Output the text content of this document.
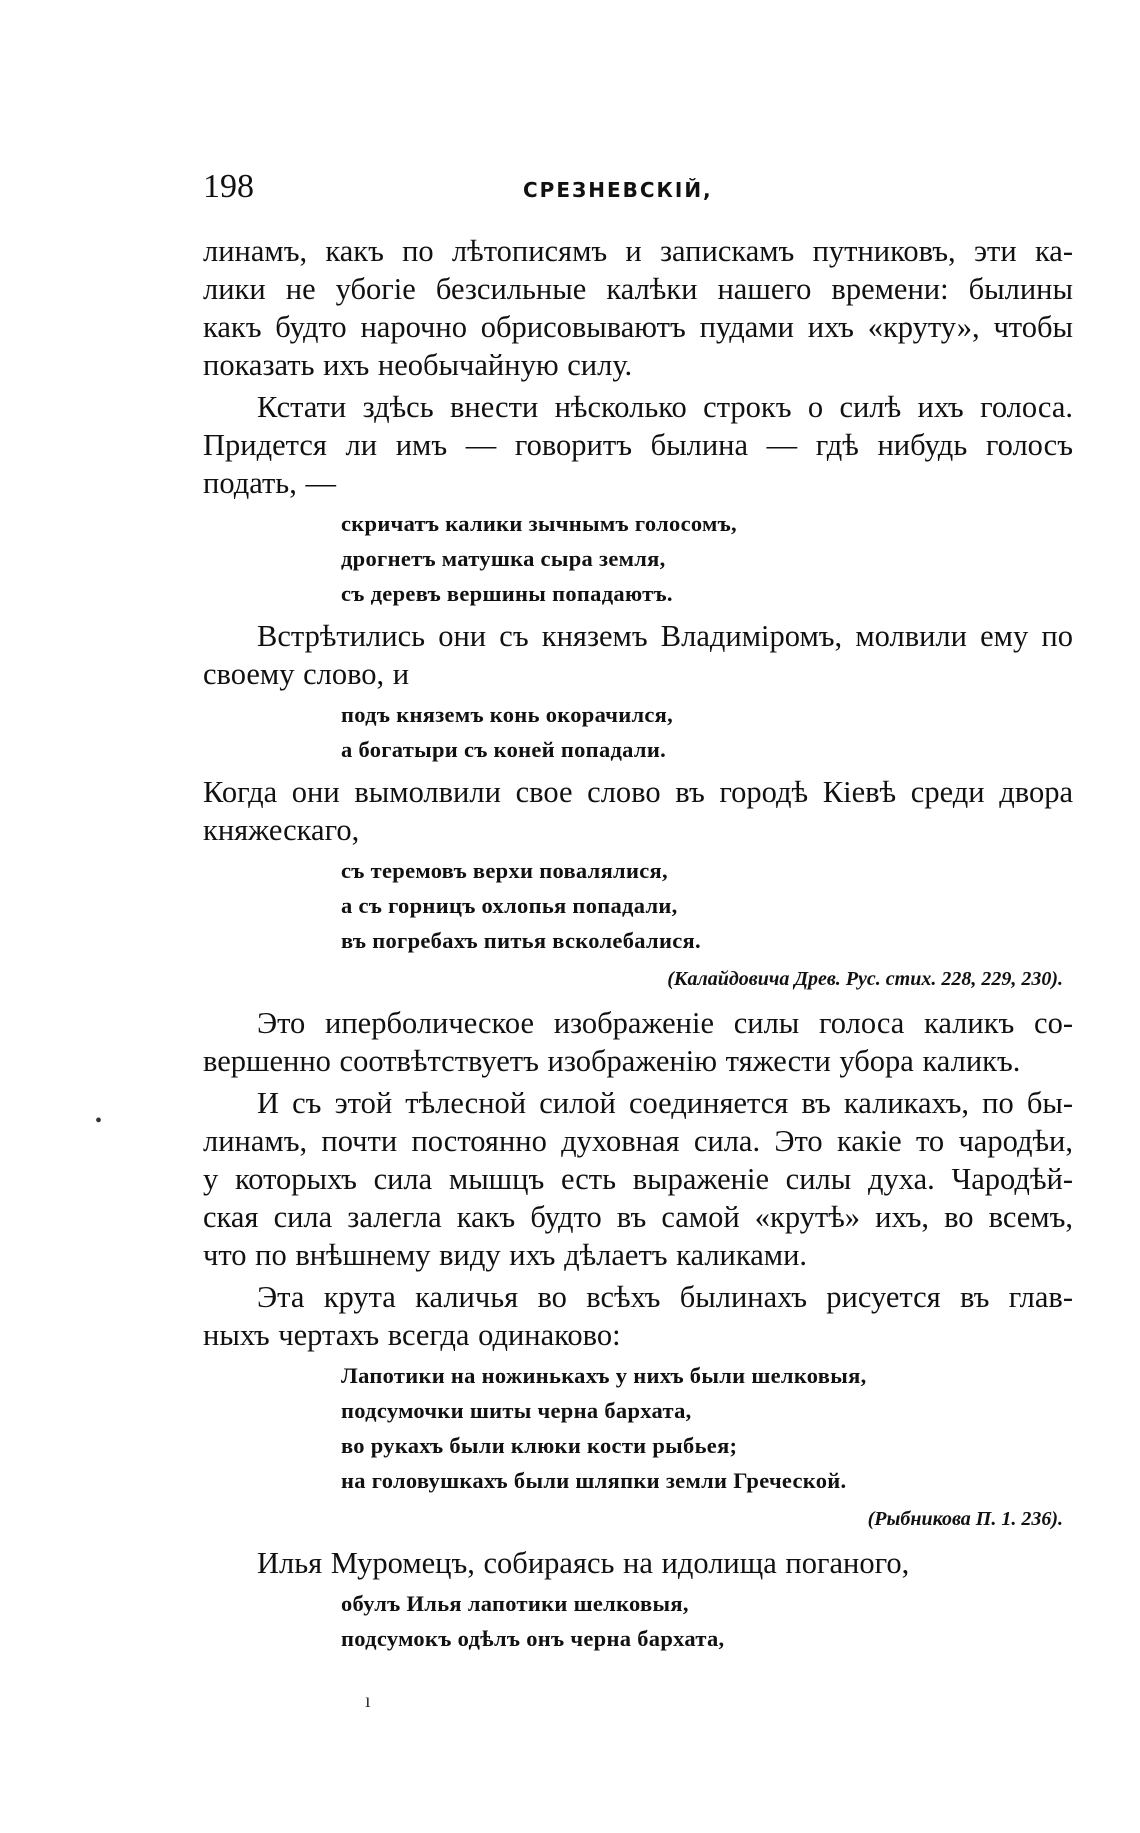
198	СРЕЗНЕВСКІЙ,

линамъ, какъ по лѣтописямъ и запискамъ путниковъ, эти ка-
лики не убогіе безсильные калѣки нашего времени: былины
какъ будто нарочно обрисовываютъ пудами ихъ «круту», чтобы
показать ихъ необычайную силу.

Кстати здѣсь внести нѣсколько строкъ о силѣ ихъ голоса.
Придется ли имъ — говоритъ былина — гдѣ нибудь голосъ
подать, —

скричатъ калики зычнымъ голосомъ,
дрогнетъ матушка сыра земля,
съ деревъ вершины попадаютъ.

Встрѣтились они съ княземъ Владиміромъ, молвили ему по
своему слово, и

подъ княземъ конь окорачился,
а богатыри съ коней попадали.

Когда они вымолвили свое слово въ городѣ Кіевѣ среди двора
княжескаго,

съ теремовъ верхи повалялися,
а съ горницъ охлопья попадали,
въ погребахъ питья всколебалися.
(Калайдовича Древ. Рус. стих. 228, 229, 230).

Это иперболическое изображеніе силы голоса каликъ со-
вершенно соотвѣтствуетъ изображенію тяжести убора каликъ.

И съ этой тѣлесной силой соединяется въ каликахъ, по бы-
линамъ, почти постоянно духовная сила. Это какіе то чародѣи,
у которыхъ сила мышцъ есть выраженіе силы духа. Чародѣй-
ская сила залегла какъ будто въ самой «крутѣ» ихъ, во всемъ,
что по внѣшнему виду ихъ дѣлаетъ каликами.

Эта крута каличья во всѣхъ былинахъ рисуется въ глав-
ныхъ чертахъ всегда одинаково:

Лапотики на ножинькахъ у нихъ были шелковыя,
подсумочки шиты черна бархата,
во рукахъ были клюки кости рыбьея;
на головушкахъ были шляпки земли Греческой.
(Рыбникова П. 1. 236).

Илья Муромецъ, собираясь на идолища поганого,

обулъ Илья лапотики шелковыя,
подсумокъ одѣлъ онъ черна бархата,
•
ı
